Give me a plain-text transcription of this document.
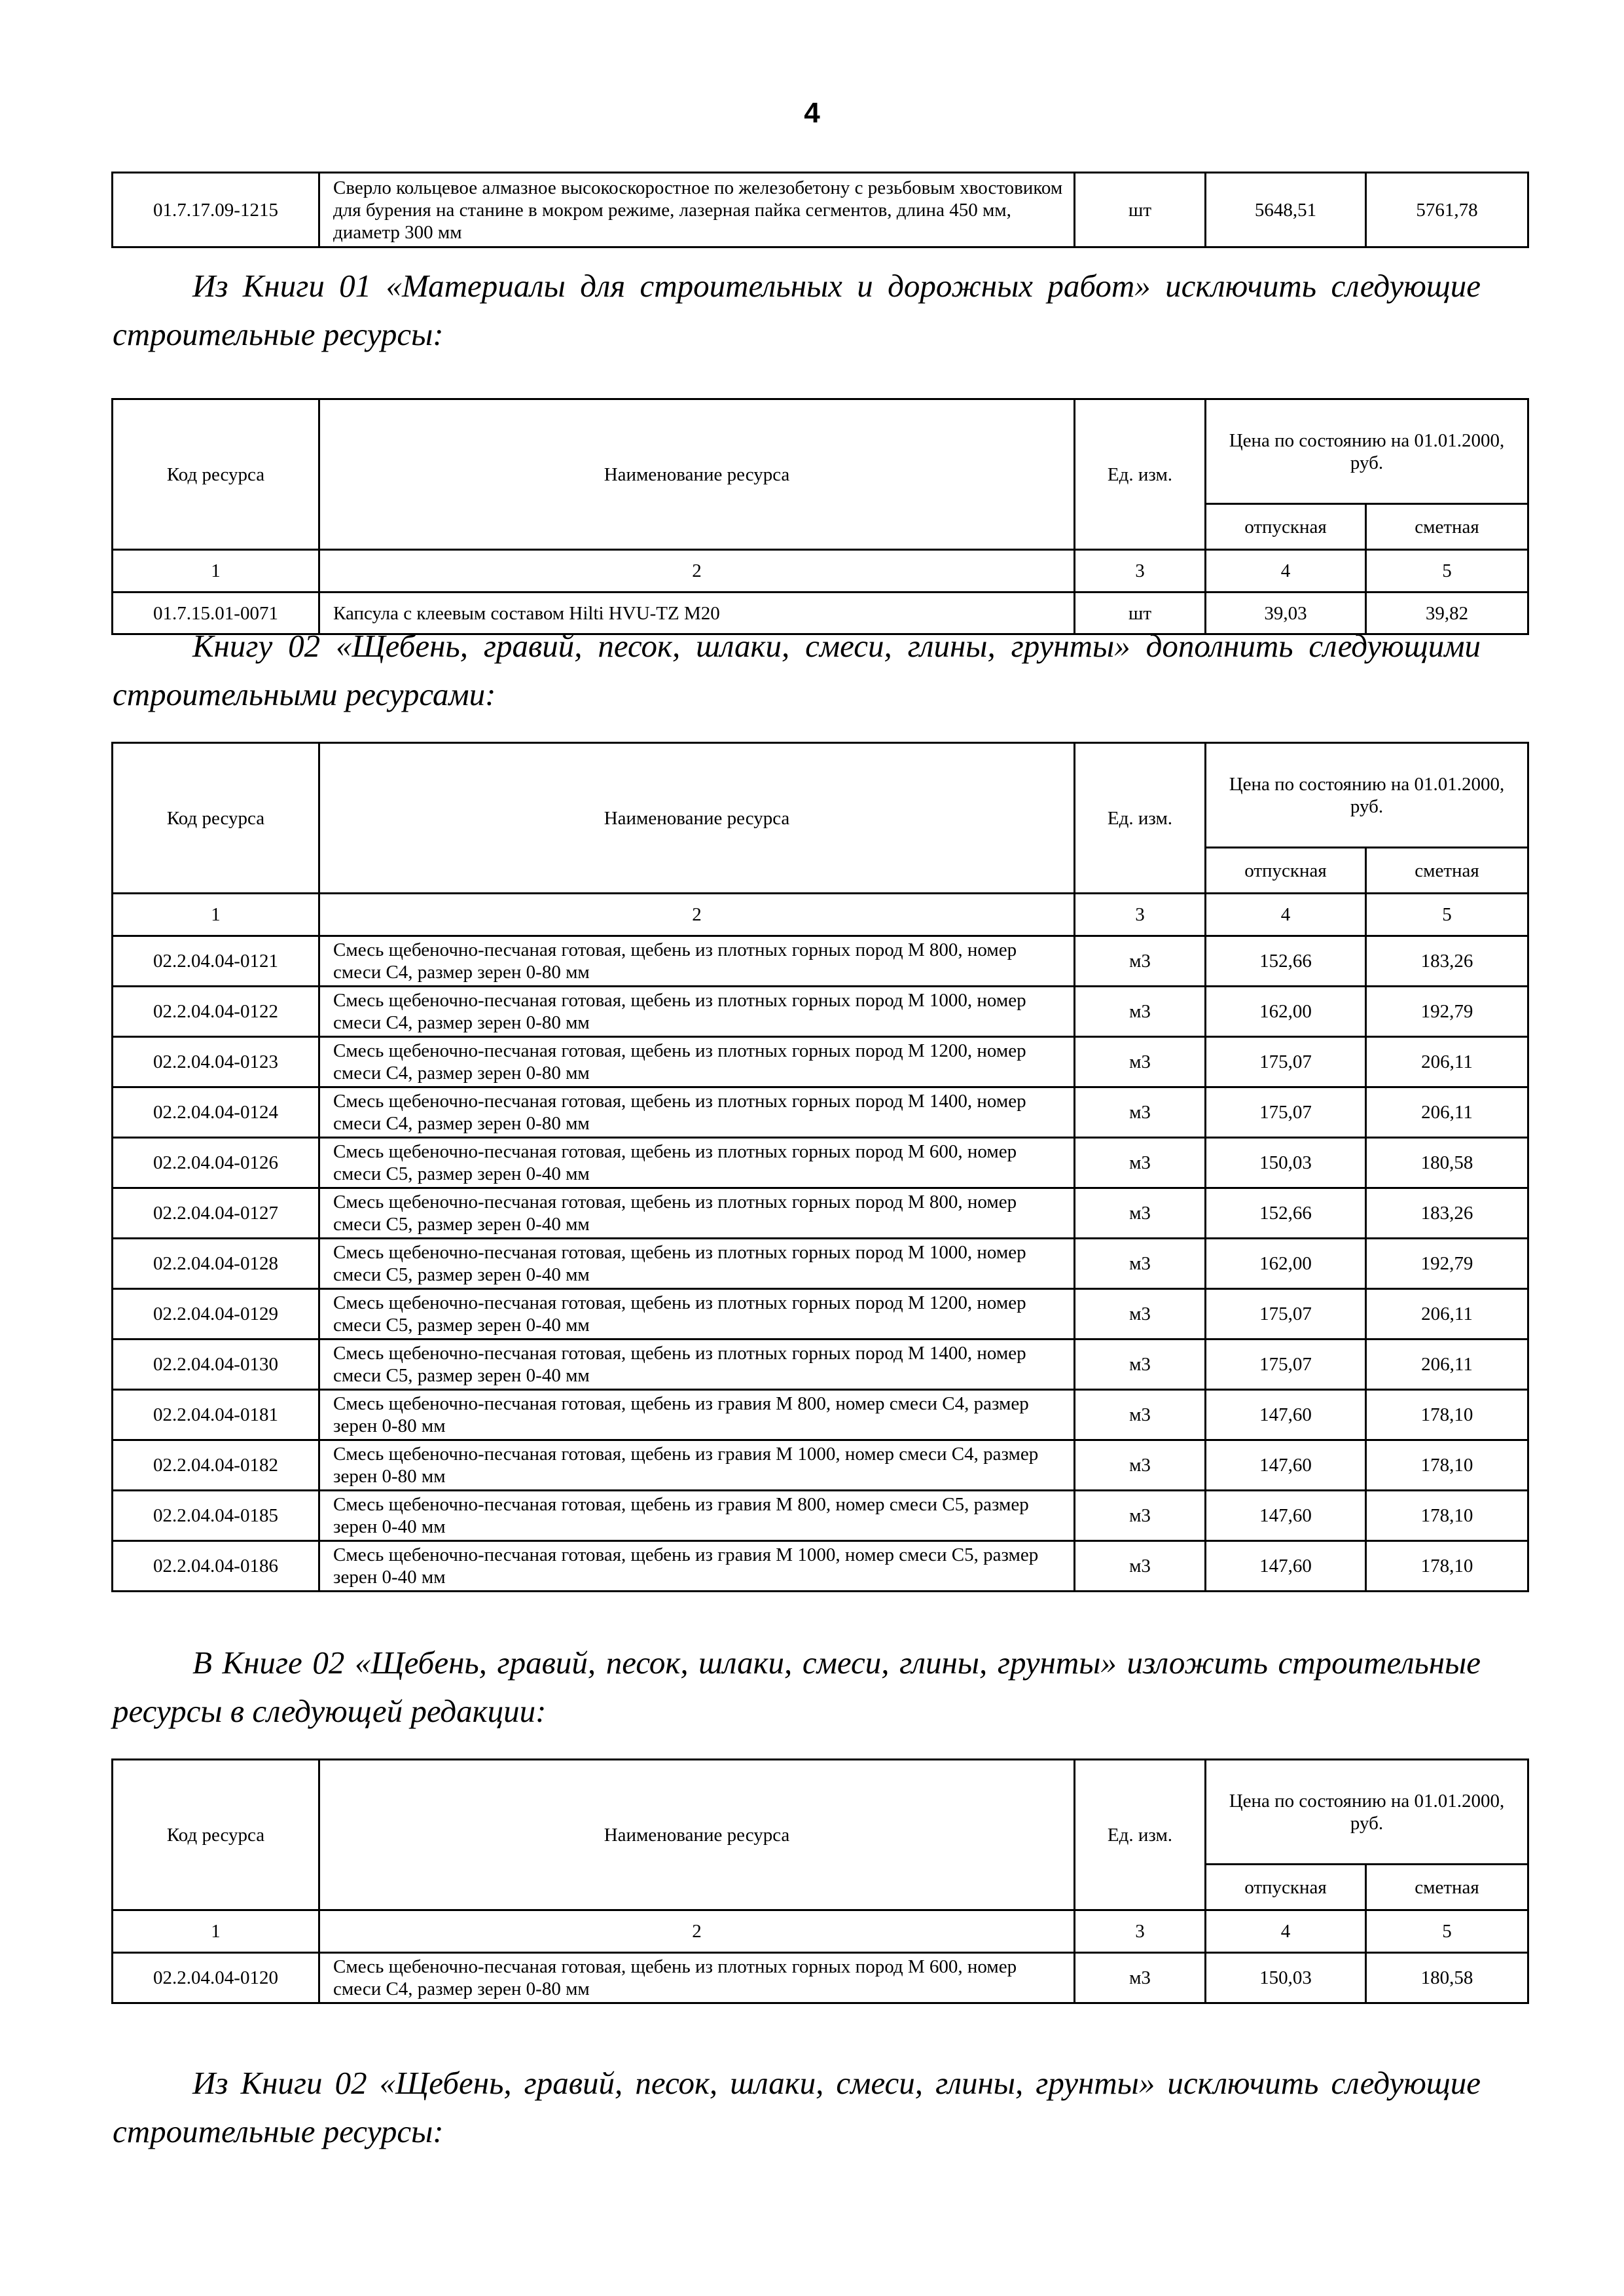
4
01.7.17.09-1215	Сверло кольцевое алмазное высокоскоростное по железобетону с резьбовым хвостовиком для бурения на станине в мокром режиме, лазерная пайка сегментов, длина 450 мм, диаметр 300 мм	шт	5648,51	5761,78

Из Книги 01 «Материалы для строительных и дорожных работ» исключить следующие строительные ресурсы:

Код ресурса	Наименование ресурса	Ед. изм.	Цена по состоянию на 01.01.2000, руб.	
			отпускная	сметная
1	2	3	4	5
01.7.15.01-0071	Капсула с клеевым составом Hilti HVU-TZ M20	шт	39,03	39,82

Книгу 02 «Щебень, гравий, песок, шлаки, смеси, глины, грунты» дополнить следующими строительными ресурсами:

Код ресурса	Наименование ресурса	Ед. изм.	Цена по состоянию на 01.01.2000, руб.	
			отпускная	сметная
1	2	3	4	5
02.2.04.04-0121	Смесь щебеночно-песчаная готовая, щебень из плотных горных пород М 800, номер смеси С4, размер зерен 0-80 мм	м3	152,66	183,26
02.2.04.04-0122	Смесь щебеночно-песчаная готовая, щебень из плотных горных пород М 1000, номер смеси С4, размер зерен 0-80 мм	м3	162,00	192,79
02.2.04.04-0123	Смесь щебеночно-песчаная готовая, щебень из плотных горных пород М 1200, номер смеси С4, размер зерен 0-80 мм	м3	175,07	206,11
02.2.04.04-0124	Смесь щебеночно-песчаная готовая, щебень из плотных горных пород М 1400, номер смеси С4, размер зерен 0-80 мм	м3	175,07	206,11
02.2.04.04-0126	Смесь щебеночно-песчаная готовая, щебень из плотных горных пород М 600, номер смеси С5, размер зерен 0-40 мм	м3	150,03	180,58
02.2.04.04-0127	Смесь щебеночно-песчаная готовая, щебень из плотных горных пород М 800, номер смеси С5, размер зерен 0-40 мм	м3	152,66	183,26
02.2.04.04-0128	Смесь щебеночно-песчаная готовая, щебень из плотных горных пород М 1000, номер смеси С5, размер зерен 0-40 мм	м3	162,00	192,79
02.2.04.04-0129	Смесь щебеночно-песчаная готовая, щебень из плотных горных пород М 1200, номер смеси С5, размер зерен 0-40 мм	м3	175,07	206,11
02.2.04.04-0130	Смесь щебеночно-песчаная готовая, щебень из плотных горных пород М 1400, номер смеси С5, размер зерен 0-40 мм	м3	175,07	206,11
02.2.04.04-0181	Смесь щебеночно-песчаная готовая, щебень из гравия М 800, номер смеси С4, размер зерен 0-80 мм	м3	147,60	178,10
02.2.04.04-0182	Смесь щебеночно-песчаная готовая, щебень из гравия М 1000, номер смеси С4, размер зерен 0-80 мм	м3	147,60	178,10
02.2.04.04-0185	Смесь щебеночно-песчаная готовая, щебень из гравия М 800, номер смеси С5, размер зерен 0-40 мм	м3	147,60	178,10
02.2.04.04-0186	Смесь щебеночно-песчаная готовая, щебень из гравия М 1000, номер смеси С5, размер зерен 0-40 мм	м3	147,60	178,10

В Книге 02 «Щебень, гравий, песок, шлаки, смеси, глины, грунты» изложить строительные ресурсы в следующей редакции:

Код ресурса	Наименование ресурса	Ед. изм.	Цена по состоянию на 01.01.2000, руб.	
			отпускная	сметная
1	2	3	4	5
02.2.04.04-0120	Смесь щебеночно-песчаная готовая, щебень из плотных горных пород М 600, номер смеси С4, размер зерен 0-80 мм	м3	150,03	180,58

Из Книги 02 «Щебень, гравий, песок, шлаки, смеси, глины, грунты» исключить следующие строительные ресурсы:
